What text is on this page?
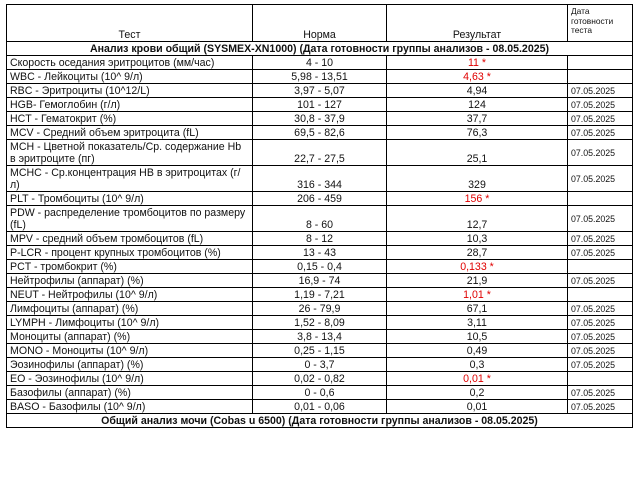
Тест	Норма	Результат	Дата готовности теста
Анализ крови общий (SYSMEX-XN1000) (Дата готовности группы анализов - 08.05.2025)			
Скорость оседания эритроцитов (мм/час)	4 - 10	11 *	
WBC - Лейкоциты (10^ 9/л)	5,98 - 13,51	4,63 *	
RBC - Эритроциты (10^12/L)	3,97 - 5,07	4,94	07.05.2025
HGB- Гемоглобин (г/л)	101 - 127	124	07.05.2025
HCT - Гематокрит (%)	30,8 - 37,9	37,7	07.05.2025
MCV - Средний объем эритроцита (fL)	69,5 - 82,6	76,3	07.05.2025
MCH - Цветной показатель/Ср. содержание Hb в эритроците (пг)	22,7 - 27,5	25,1	07.05.2025
MCHC - Ср.концентрация НВ в эритроцитах (г/л)	316 - 344	329	07.05.2025
PLT - Тромбоциты (10^ 9/л)	206 - 459	156 *	
PDW - распределение тромбоцитов по размеру (fL)	8 - 60	12,7	07.05.2025
MPV - средний объем тромбоцитов (fL)	8 - 12	10,3	07.05.2025
P-LCR - процент крупных тромбоцитов (%)	13 - 43	28,7	07.05.2025
PCT - тромбокрит (%)	0,15 - 0,4	0,133 *	
Нейтрофилы (аппарат) (%)	16,9 - 74	21,9	07.05.2025
NEUT - Нейтрофилы (10^ 9/л)	1,19 - 7,21	1,01 *	
Лимфоциты (аппарат) (%)	26 - 79,9	67,1	07.05.2025
LYMPH - Лимфоциты (10^ 9/л)	1,52 - 8,09	3,11	07.05.2025
Моноциты (аппарат) (%)	3,8 - 13,4	10,5	07.05.2025
MONO - Моноциты (10^ 9/л)	0,25 - 1,15	0,49	07.05.2025
Эозинофилы (аппарат) (%)	0 - 3,7	0,3	07.05.2025
EO - Эозинофилы (10^ 9/л)	0,02 - 0,82	0,01 *	
Базофилы (аппарат) (%)	0 - 0,6	0,2	07.05.2025
BASO - Базофилы (10^ 9/л)	0,01 - 0,06	0,01	07.05.2025
Общий анализ мочи (Cobas u 6500) (Дата готовности группы анализов - 08.05.2025)			
